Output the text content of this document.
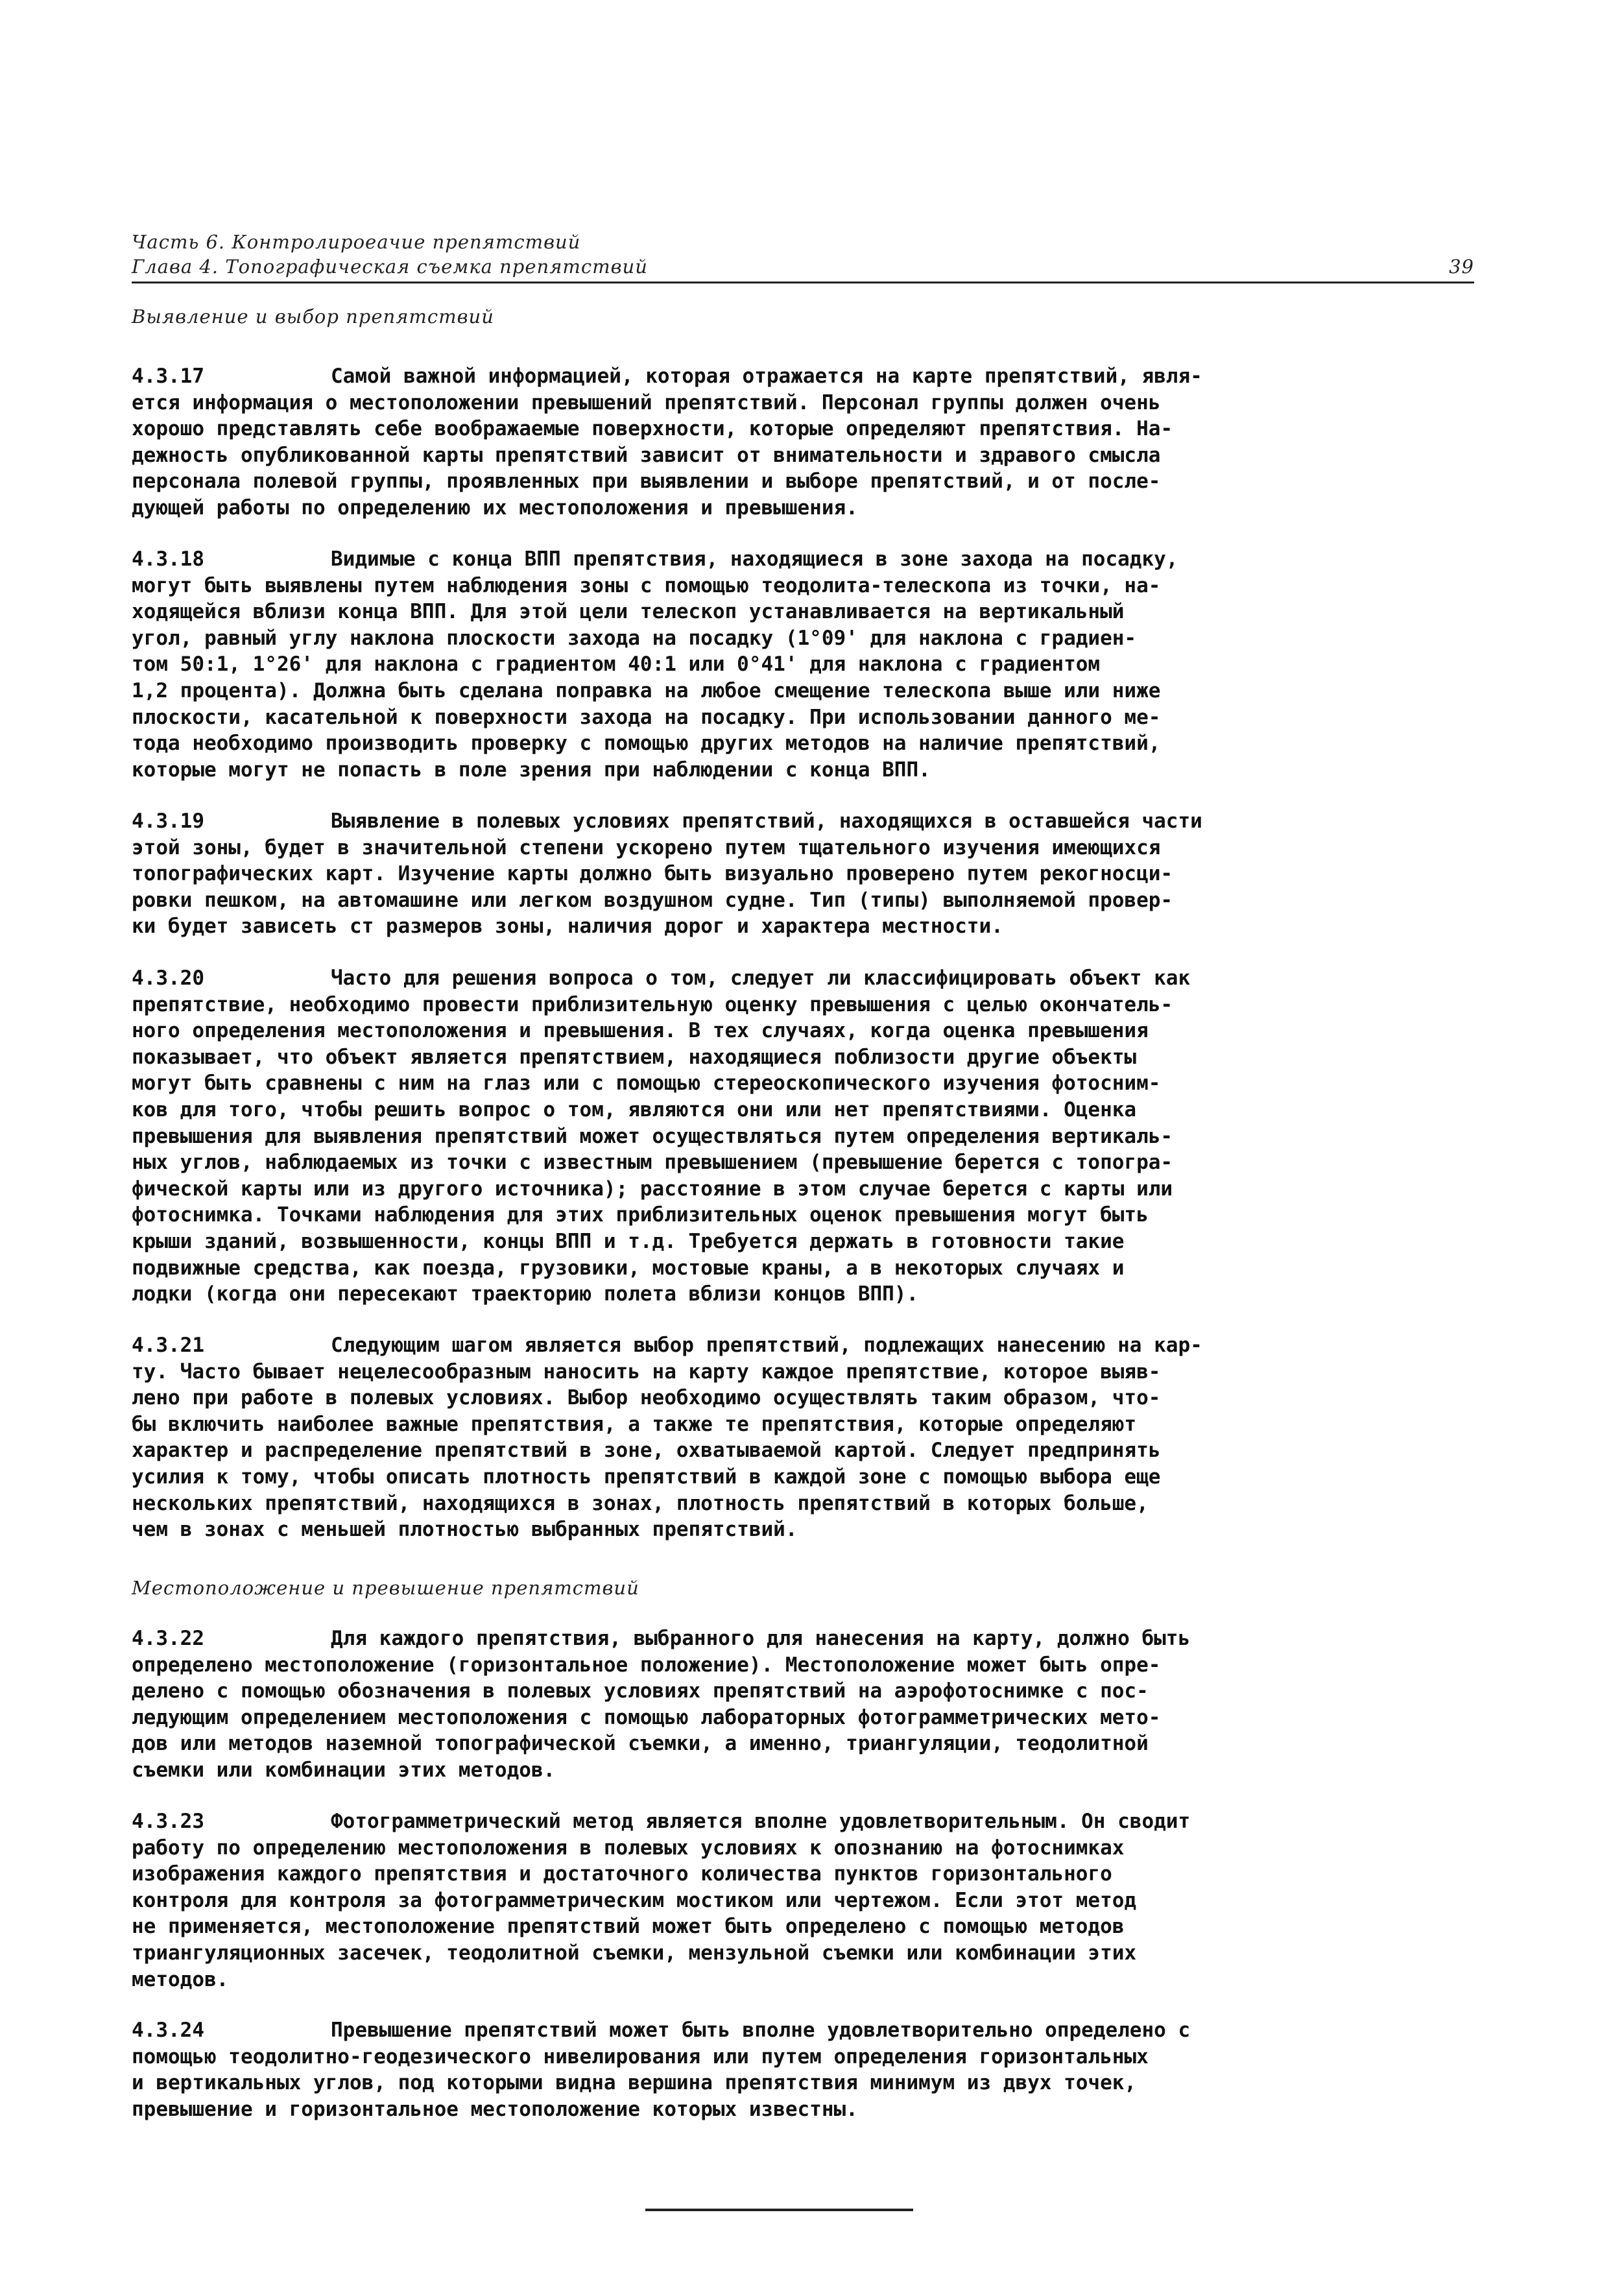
Часть 6. Контролироeачие препятствий
Глава 4. Топографическая съемка препятствий	39
Выявление и выбор препятствий
4.3.17	Самой важной информацией, которая отражается на карте препятствий, явля-
ется информация о местоположении превышений препятствий. Персонал группы должен очень
хорошо представлять себе воображаемые поверхности, которые определяют препятствия. На-
дежность опубликованной карты препятствий зависит от внимательности и здравого смысла
персонала полевой группы, проявленных при выявлении и выборе препятствий, и от после-
дующей работы по определению их местоположения и превышения.
4.3.18	Видимые с конца ВПП препятствия, находящиеся в зоне захода на посадку,
могут быть выявлены путем наблюдения зоны с помощью теодолита-телескопа из точки, на-
ходящейся вблизи конца ВПП. Для этой цели телескоп устанавливается на вертикальный
угол, равный углу наклона плоскости захода на посадку (1°09' для наклона с градиен-
том 50:1, 1°26' для наклона с градиентом 40:1 или 0°41' для наклона с градиентом
1,2 процента). Должна быть сделана поправка на любое смещение телескопа выше или ниже
плоскости, касательной к поверхности захода на посадку. При использовании данного ме-
тода необходимо производить проверку с помощью других методов на наличие препятствий,
которые могут не попасть в поле зрения при наблюдении с конца ВПП.
4.3.19	Выявление в полевых условиях препятствий, находящихся в оставшейся части
этой зоны, будет в значительной степени ускорено путем тщательного изучения имеющихся
топографических карт. Изучение карты должно быть визуально проверено путем рекогносци-
ровки пешком, на автомашине или легком воздушном судне. Тип (типы) выполняемой провер-
ки будет зависеть ст размеров зоны, наличия дорог и характера местности.
4.3.20	Часто для решения вопроса о том, следует ли классифицировать объект как
препятствие, необходимо провести приблизительную оценку превышения с целью окончатель-
ного определения местоположения и превышения. В тех случаях, когда оценка превышения
показывает, что объект является препятствием, находящиеся поблизости другие объекты
могут быть сравнены с ним на глаз или с помощью стереоскопического изучения фотосним-
ков для того, чтобы решить вопрос о том, являются они или нет препятствиями. Оценка
превышения для выявления препятствий может осуществляться путем определения вертикаль-
ных углов, наблюдаемых из точки с известным превышением (превышение берется с топогра-
фической карты или из другого источника); расстояние в этом случае берется с карты или
фотоснимка. Точками наблюдения для этих приблизительных оценок превышения могут быть
крыши зданий, возвышенности, концы ВПП и т.д. Требуется держать в готовности такие
подвижные средства, как поезда, грузовики, мостовые краны, а в некоторых случаях и
лодки (когда они пересекают траекторию полета вблизи концов ВПП).
4.3.21	Следующим шагом является выбор препятствий, подлежащих нанесению на кар-
ту. Часто бывает нецелесообразным наносить на карту каждое препятствие, которое выяв-
лено при работе в полевых условиях. Выбор необходимо осуществлять таким образом, что-
бы включить наиболее важные препятствия, а также те препятствия, которые определяют
характер и распределение препятствий в зоне, охватываемой картой. Следует предпринять
усилия к тому, чтобы описать плотность препятствий в каждой зоне с помощью выбора еще
нескольких препятствий, находящихся в зонах, плотность препятствий в которых больше,
чем в зонах с меньшей плотностью выбранных препятствий.
Местоположение и превышение препятствий
4.3.22	Для каждого препятствия, выбранного для нанесения на карту, должно быть
определено местоположение (горизонтальное положение). Местоположение может быть опре-
делено с помощью обозначения в полевых условиях препятствий на аэрофотоснимке с пос-
ледующим определением местоположения с помощью лабораторных фотограмметрических мето-
дов или методов наземной топографической съемки, а именно, триангуляции, теодолитной
съемки или комбинации этих методов.
4.3.23	Фотограмметрический метод является вполне удовлетворительным. Он сводит
работу по определению местоположения в полевых условиях к опознанию на фотоснимках
изображения каждого препятствия и достаточного количества пунктов горизонтального
контроля для контроля за фотограмметрическим мостиком или чертежом. Если этот метод
не применяется, местоположение препятствий может быть определено с помощью методов
триангуляционных засечек, теодолитной съемки, мензульной съемки или комбинации этих
методов.
4.3.24	Превышение препятствий может быть вполне удовлетворительно определено с
помощью теодолитно-геодезического нивелирования или путем определения горизонтальных
и вертикальных углов, под которыми видна вершина препятствия минимум из двух точек,
превышение и горизонтальное местоположение которых известны.
